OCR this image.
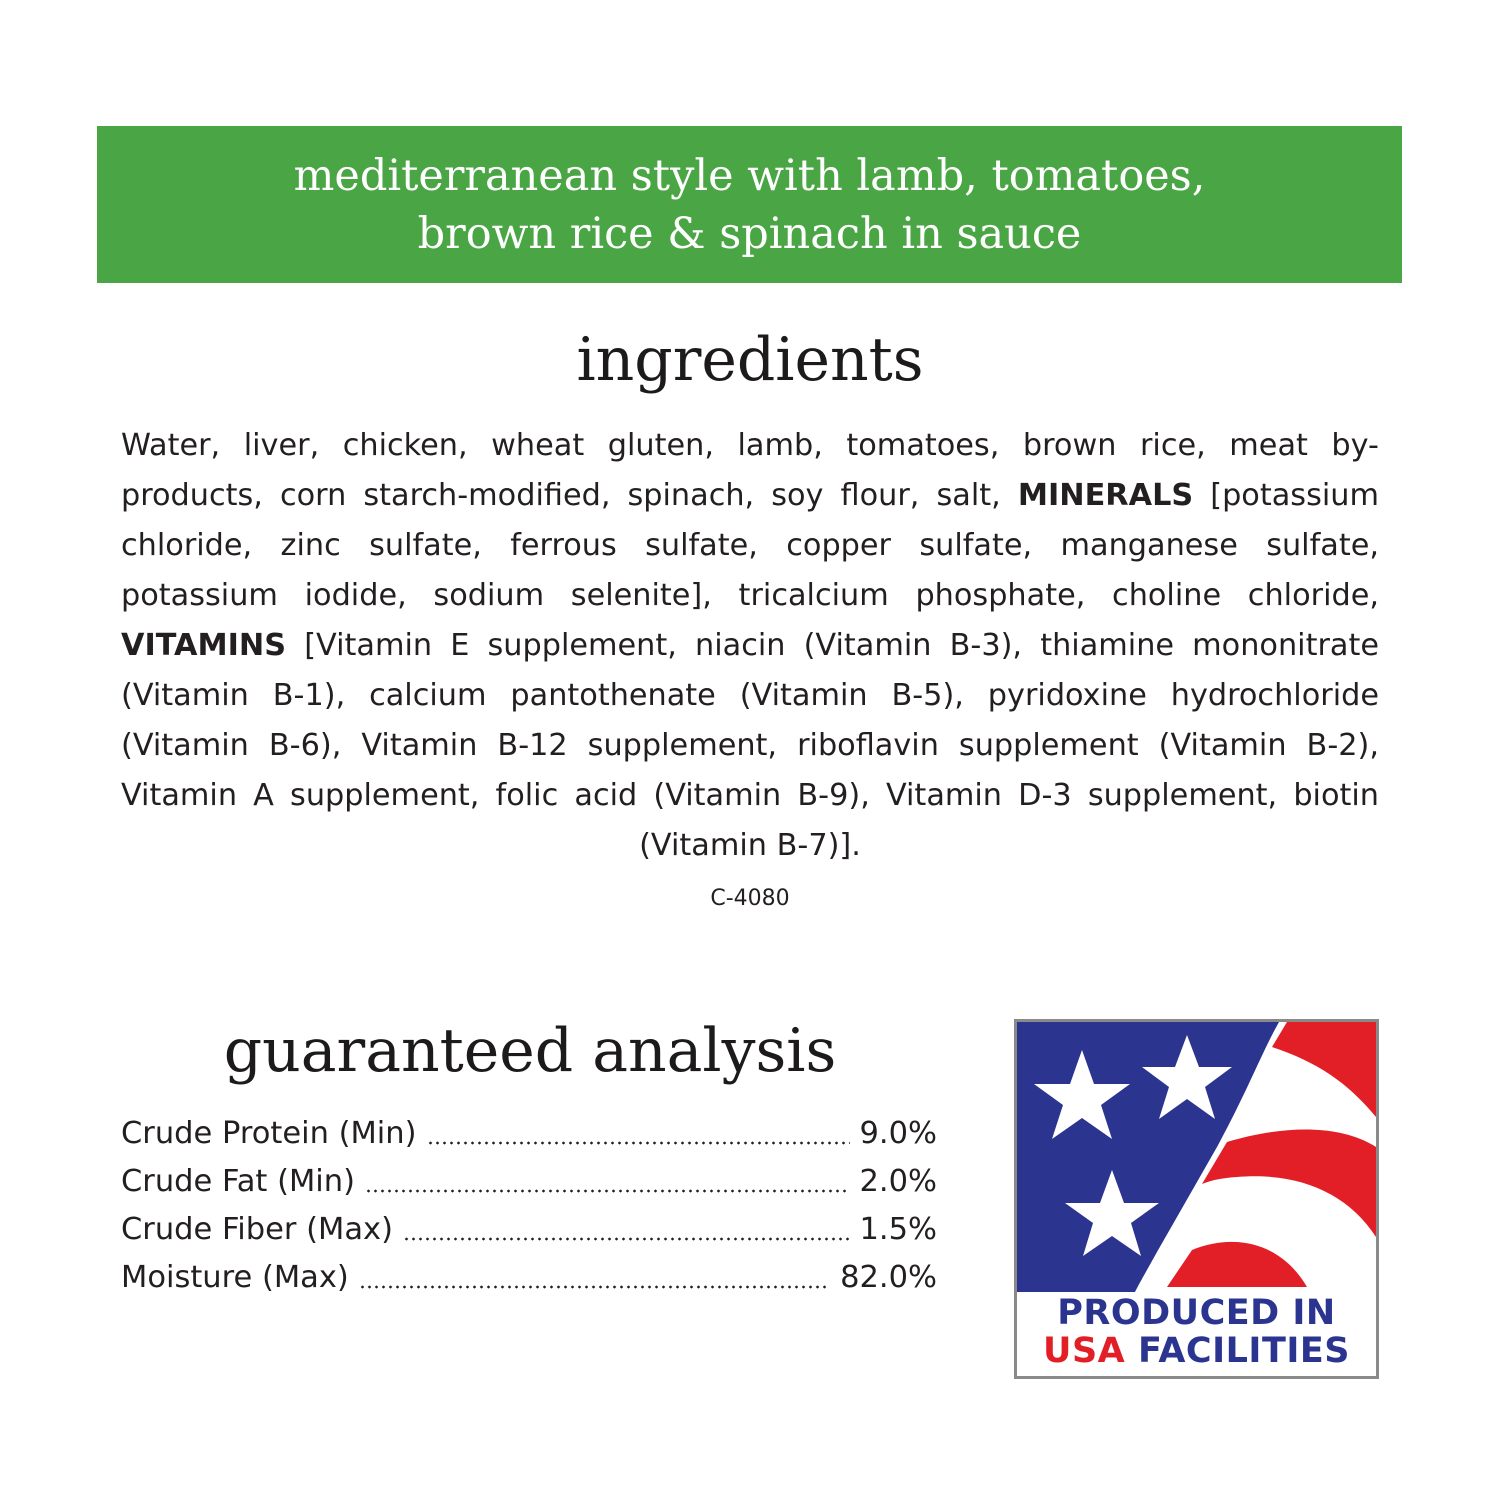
mediterranean style with lamb, tomatoes,
brown rice & spinach in sauce
ingredients
Water, liver, chicken, wheat gluten, lamb, tomatoes, brown rice, meat by-products, corn starch-modified, spinach, soy flour, salt, MINERALS [potassium chloride, zinc sulfate, ferrous sulfate, copper sulfate, manganese sulfate, potassium iodide, sodium selenite], tricalcium phosphate, choline chloride, VITAMINS [Vitamin E supplement, niacin (Vitamin B-3), thiamine mononitrate (Vitamin B-1), calcium pantothenate (Vitamin B-5), pyridoxine hydrochloride (Vitamin B-6), Vitamin B-12 supplement, riboflavin supplement (Vitamin B-2), Vitamin A supplement, folic acid (Vitamin B-9), Vitamin D-3 supplement, biotin (Vitamin B-7)].
C-4080
guaranteed analysis
Crude Protein (Min)	9.0%
Crude Fat (Min)	2.0%
Crude Fiber (Max)	1.5%
Moisture (Max)	82.0%
PRODUCED IN
USA FACILITIES
